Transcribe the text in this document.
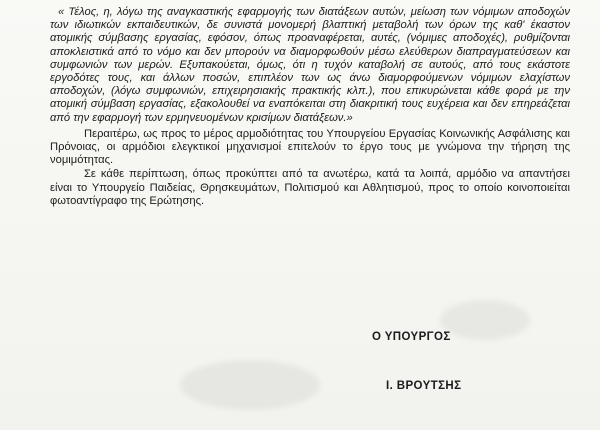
« Τέλος, η, λόγω της αναγκαστικής εφαρμογής των διατάξεων αυτών, μείωση των νόμιμων αποδοχών των ιδιωτικών εκπαιδευτικών, δε συνιστά μονομερή βλαπτική μεταβολή των όρων της καθ' έκαστον ατομικής σύμβασης εργασίας, εφόσον, όπως προαναφέρεται, αυτές, (νόμιμες αποδοχές), ρυθμίζονται αποκλειστικά από το νόμο και δεν μπορούν να διαμορφωθούν μέσω ελεύθερων διαπραγματεύσεων και συμφωνιών των μερών. Εξυπακούεται, όμως, ότι η τυχόν καταβολή σε αυτούς, από τους εκάστοτε εργοδότες τους, και άλλων ποσών, επιπλέον των ως άνω διαμορφούμενων νόμιμων ελαχίστων αποδοχών, (λόγω συμφωνιών, επιχειρησιακής πρακτικής κλπ.), που επικυρώνεται κάθε φορά με την ατομική σύμβαση εργασίας, εξακολουθεί να εναπόκειται στη διακριτική τους ευχέρεια και δεν επηρεάζεται από την εφαρμογή των ερμηνευομένων κρισίμων διατάξεων.»

Περαιτέρω, ως προς το μέρος αρμοδιότητας του Υπουργείου Εργασίας Κοινωνικής Ασφάλισης και Πρόνοιας, οι αρμόδιοι ελεγκτικοί μηχανισμοί επιτελούν το έργο τους με γνώμονα την τήρηση της νομιμότητας.

Σε κάθε περίπτωση, όπως προκύπτει από τα ανωτέρω, κατά τα λοιπά, αρμόδιο να απαντήσει είναι το Υπουργείο Παιδείας, Θρησκευμάτων, Πολιτισμού και Αθλητισμού, προς το οποίο κοινοποιείται φωτοαντίγραφο της Ερώτησης.

Ο ΥΠΟΥΡΓΟΣ
Ι. ΒΡΟΥΤΣΗΣ
